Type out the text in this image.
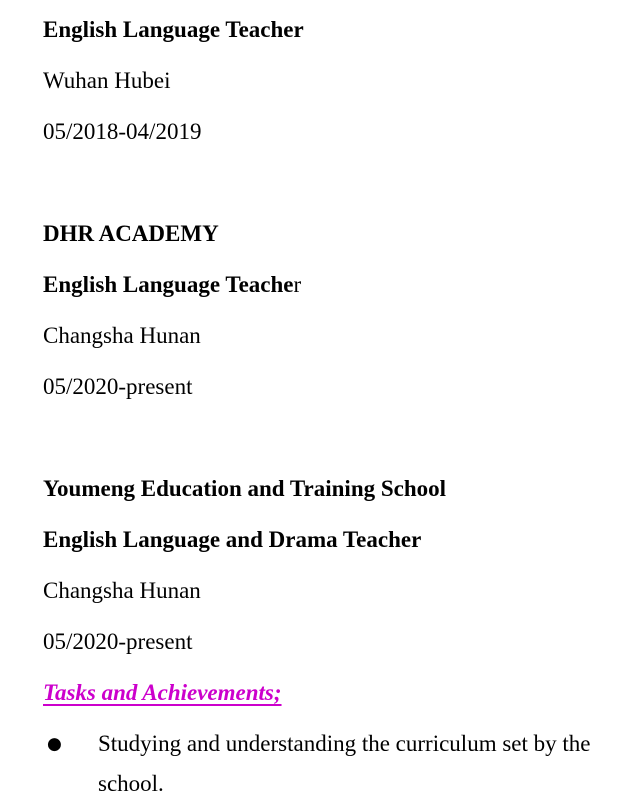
English Language Teacher

Wuhan Hubei

05/2018-04/2019

DHR ACADEMY

English Language Teacher

Changsha Hunan

05/2020-present

Youmeng Education and Training School

English Language and Drama Teacher

Changsha Hunan

05/2020-present

Tasks and Achievements;

● Studying and understanding the curriculum set by the
school.
